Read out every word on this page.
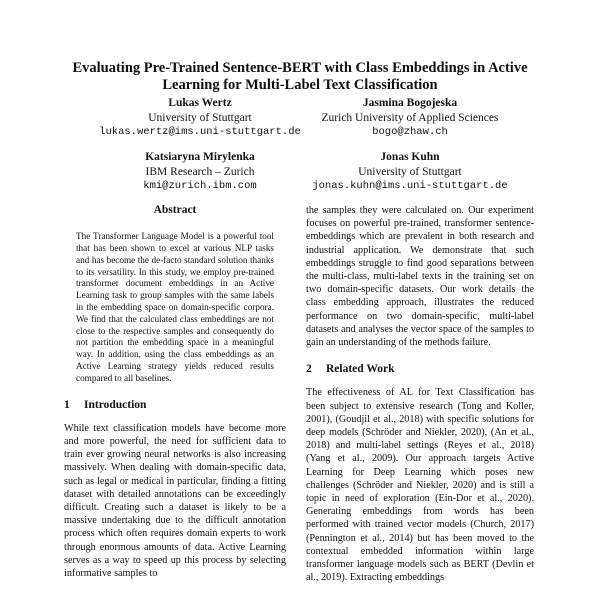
Evaluating Pre-Trained Sentence-BERT with Class Embeddings in Active Learning for Multi-Label Text Classification
Lukas Wertz
University of Stuttgart
lukas.wertz@ims.uni-stuttgart.de
Jasmina Bogojeska
Zurich University of Applied Sciences
bogo@zhaw.ch
Katsiaryna Mirylenka
IBM Research – Zurich
kmi@zurich.ibm.com
Jonas Kuhn
University of Stuttgart
jonas.kuhn@ims.uni-stuttgart.de
Abstract

The Transformer Language Model is a powerful tool that has been shown to excel at various NLP tasks and has become the de-facto standard solution thanks to its versatility. In this study, we employ pre-trained transformer document embeddings in an Active Learning task to group samples with the same labels in the embedding space on domain-specific corpora. We find that the calculated class embeddings are not close to the respective samples and consequently do not partition the embedding space in a meaningful way. In addition, using the class embeddings as an Active Learning strategy yields reduced results compared to all baselines.

1 Introduction

While text classification models have become more and more powerful, the need for sufficient data to train ever growing neural networks is also increasing massively. When dealing with domain-specific data, such as legal or medical in particular, finding a fitting dataset with detailed annotations can be exceedingly difficult. Creating such a dataset is likely to be a massive undertaking due to the difficult annotation process which often requires domain experts to work through enormous amounts of data. Active Learning serves as a way to speed up this process by selecting informative samples to

the samples they were calculated on. Our experiment focuses on powerful pre-trained, transformer sentence-embeddings which are prevalent in both research and industrial application. We demonstrate that such embeddings struggle to find good separations between the multi-class, multi-label texts in the training set on two domain-specific datasets. Our work details the class embedding approach, illustrates the reduced performance on two domain-specific, multi-label datasets and analyses the vector space of the samples to gain an understanding of the methods failure.

2 Related Work

The effectiveness of AL for Text Classification has been subject to extensive research (Tong and Koller, 2001), (Goudjil et al., 2018) with specific solutions for deep models (Schröder and Niekler, 2020), (An et al., 2018) and multi-label settings (Reyes et al., 2018) (Yang et al., 2009). Our approach targets Active Learning for Deep Learning which poses new challenges (Schröder and Niekler, 2020) and is still a topic in need of exploration (Ein-Dor et al., 2020). Generating embeddings from words has been performed with trained vector models (Church, 2017) (Pennington et al., 2014) but has been moved to the contextual embedded information within large transformer language models such as BERT (Devlin et al., 2019). Extracting embeddings
